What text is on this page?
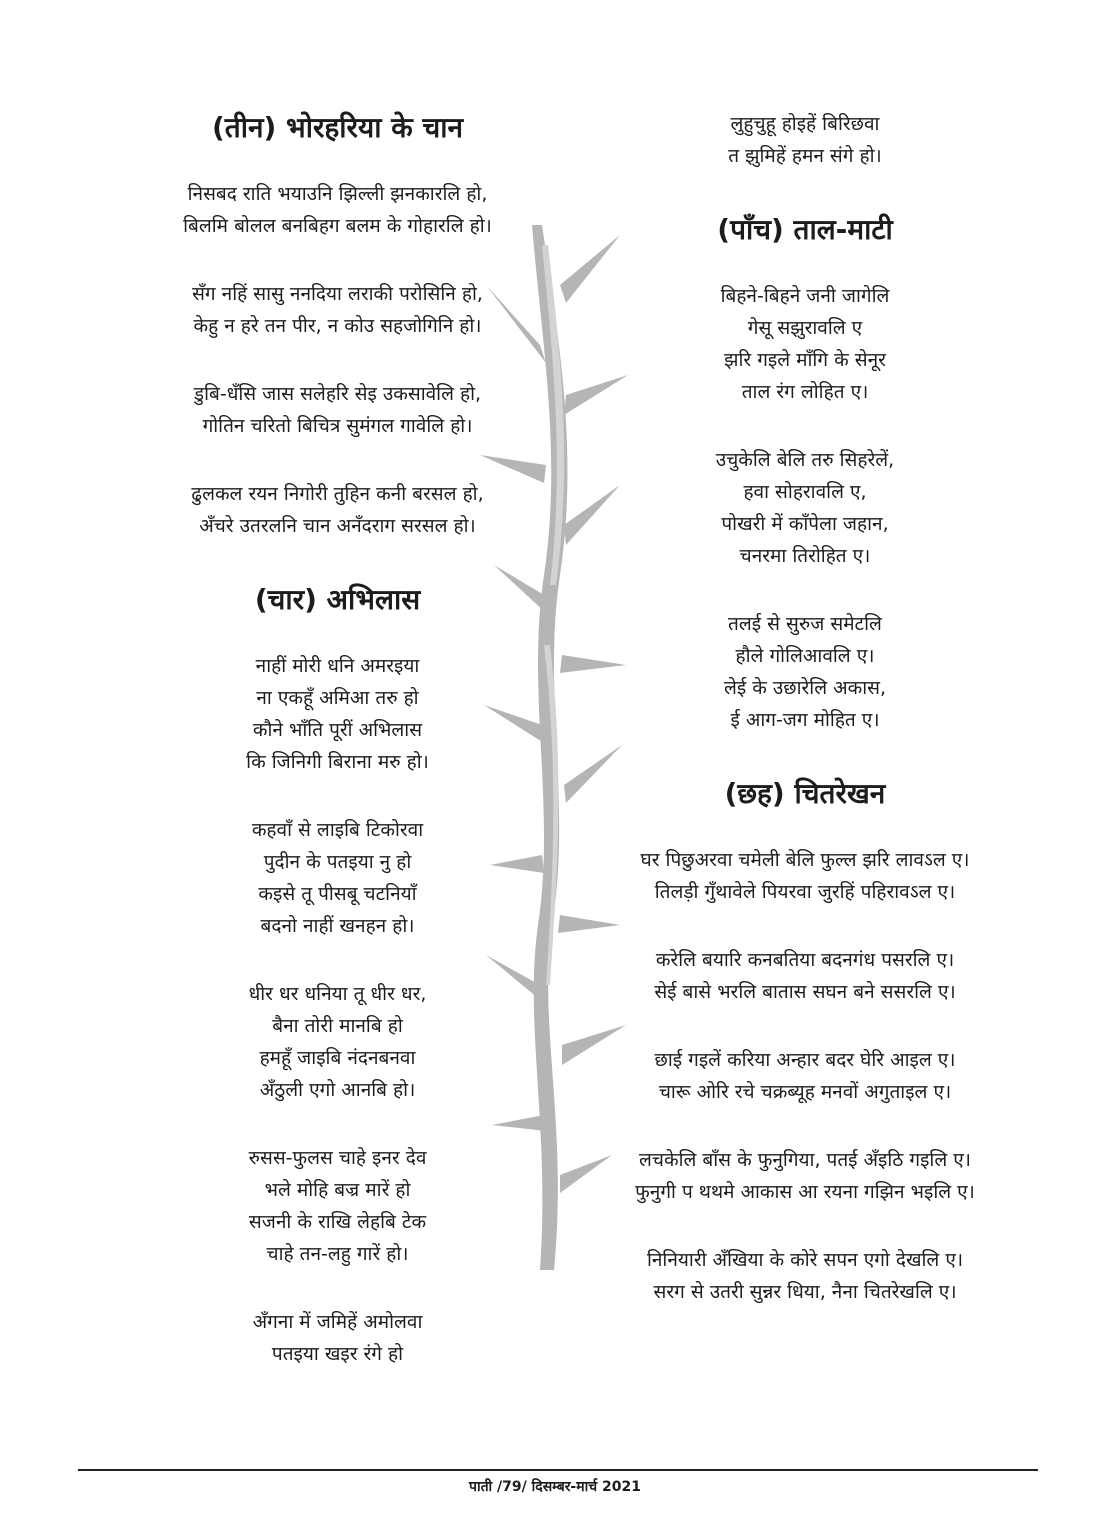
(तीन) भोरहरिया के चान
निसबद राति भयाउनि झिल्ली झनकारलि हो,
बिलमि बोलल बनबिहग बलम के गोहारलि हो।
सँग नहिं सासु ननदिया लराकी परोसिनि हो,
केहु न हरे तन पीर, न कोउ सहजोगिनि हो।
डुबि-धँसि जास सलेहरि सेइ उकसावेलि हो,
गोतिन चरितो बिचित्र सुमंगल गावेलि हो।
ढुलकल रयन निगोरी तुहिन कनी बरसल हो,
अँचरे उतरलनि चान अनँदराग सरसल हो।
(चार) अभिलास
नाहीं मोरी धनि अमरइया
ना एकहूँ अमिआ तरु हो
कौने भाँति पूरीं अभिलास
कि जिनिगी बिराना मरु हो।
कहवाँ से लाइबि टिकोरवा
पुदीन के पतइया नु हो
कइसे तू पीसबू चटनियाँ
बदनो नाहीं खनहन हो।
धीर धर धनिया तू धीर धर,
बैना तोरी मानबि हो
हमहूँ जाइबि नंदनबनवा
अँठुली एगो आनबि हो।
रुसस-फुलस चाहे इनर देव
भले मोहि बज्र मारें हो
सजनी के राखि लेहबि टेक
चाहे तन-लहु गारें हो।
अँगना में जमिहें अमोलवा
पतइया खइर रंगे हो
लुहुचुहू होइहें बिरिछवा
त झुमिहें हमन संगे हो।
(पाँच) ताल-माटी
बिहने-बिहने जनी जागेलि
गेसू सझुरावलि ए
झरि गइले माँगि के सेनूर
ताल रंग लोहित ए।
उचुकेलि बेलि तरु सिहरेलें,
हवा सोहरावलि ए,
पोखरी में काँपेला जहान,
चनरमा तिरोहित ए।
तलई से सुरुज समेटलि
हौले गोलिआवलि ए।
लेई के उछारेलि अकास,
ई आग-जग मोहित ए।
(छह) चितरेखन
घर पिछुअरवा चमेली बेलि फुल्ल झरि लावऽल ए।
तिलड़ी गुँथावेले पियरवा जुरहिं पहिरावऽल ए।
करेलि बयारि कनबतिया बदनगंध पसरलि ए।
सेई बासे भरलि बातास सघन बने ससरलि ए।
छाई गइलें करिया अन्हार बदर घेरि आइल ए।
चारू ओरि रचे चक्रब्यूह मनवों अगुताइल ए।
लचकेलि बाँस के फुनुगिया, पतई अँइठि गइलि ए।
फुनुगी प थथमे आकास आ रयना गझिन भइलि ए।
निनियारी अँखिया के कोरे सपन एगो देखलि ए।
सरग से उतरी सुन्नर धिया, नैना चितरेखलि ए।
पाती /79/ दिसम्बर-मार्च 2021
